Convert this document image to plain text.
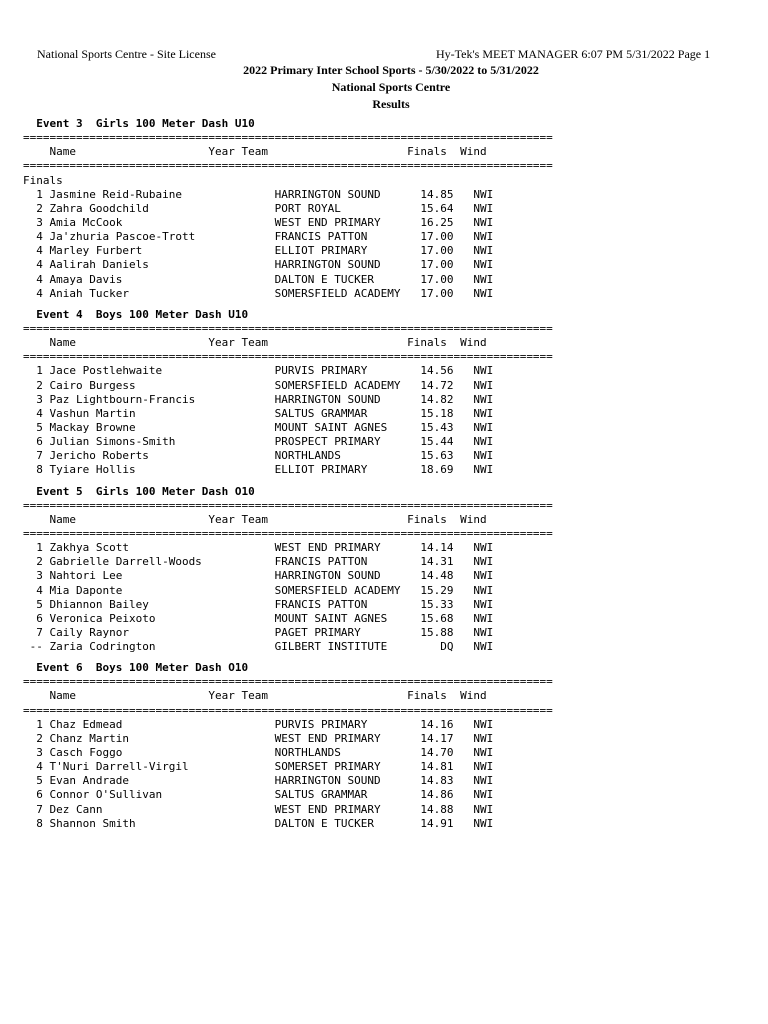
National Sports Centre - Site License	Hy-Tek's MEET MANAGER 6:07 PM 5/31/2022 Page 1
2022 Primary Inter School Sports - 5/30/2022 to 5/31/2022
National Sports Centre
Results
Event 3  Girls 100 Meter Dash U10
================================================================================
Name                    Year Team                     Finals  Wind
================================================================================
Finals
1 Jasmine Reid-Rubaine              HARRINGTON SOUND      14.85   NWI
2 Zahra Goodchild                   PORT ROYAL            15.64   NWI
3 Amia McCook                       WEST END PRIMARY      16.25   NWI
4 Ja'zhuria Pascoe-Trott            FRANCIS PATTON        17.00   NWI
4 Marley Furbert                    ELLIOT PRIMARY        17.00   NWI
4 Aalirah Daniels                   HARRINGTON SOUND      17.00   NWI
4 Amaya Davis                       DALTON E TUCKER       17.00   NWI
4 Aniah Tucker                      SOMERSFIELD ACADEMY   17.00   NWI

Event 4  Boys 100 Meter Dash U10
================================================================================
Name                    Year Team                     Finals  Wind
================================================================================
1 Jace Postlehwaite                 PURVIS PRIMARY        14.56   NWI
2 Cairo Burgess                     SOMERSFIELD ACADEMY   14.72   NWI
3 Paz Lightbourn-Francis            HARRINGTON SOUND      14.82   NWI
4 Vashun Martin                     SALTUS GRAMMAR        15.18   NWI
5 Mackay Browne                     MOUNT SAINT AGNES     15.43   NWI
6 Julian Simons-Smith               PROSPECT PRIMARY      15.44   NWI
7 Jericho Roberts                   NORTHLANDS            15.63   NWI
8 Tyiare Hollis                     ELLIOT PRIMARY        18.69   NWI

Event 5  Girls 100 Meter Dash O10
================================================================================
Name                    Year Team                     Finals  Wind
================================================================================
1 Zakhya Scott                      WEST END PRIMARY      14.14   NWI
2 Gabrielle Darrell-Woods           FRANCIS PATTON        14.31   NWI
3 Nahtori Lee                       HARRINGTON SOUND      14.48   NWI
4 Mia Daponte                       SOMERSFIELD ACADEMY   15.29   NWI
5 Dhiannon Bailey                   FRANCIS PATTON        15.33   NWI
6 Veronica Peixoto                  MOUNT SAINT AGNES     15.68   NWI
7 Caily Raynor                      PAGET PRIMARY         15.88   NWI
-- Zaria Codrington                  GILBERT INSTITUTE        DQ   NWI

Event 6  Boys 100 Meter Dash O10
================================================================================
Name                    Year Team                     Finals  Wind
================================================================================
1 Chaz Edmead                       PURVIS PRIMARY        14.16   NWI
2 Chanz Martin                      WEST END PRIMARY      14.17   NWI
3 Casch Foggo                       NORTHLANDS            14.70   NWI
4 T'Nuri Darrell-Virgil             SOMERSET PRIMARY      14.81   NWI
5 Evan Andrade                      HARRINGTON SOUND      14.83   NWI
6 Connor O'Sullivan                 SALTUS GRAMMAR        14.86   NWI
7 Dez Cann                          WEST END PRIMARY      14.88   NWI
8 Shannon Smith                     DALTON E TUCKER       14.91   NWI
